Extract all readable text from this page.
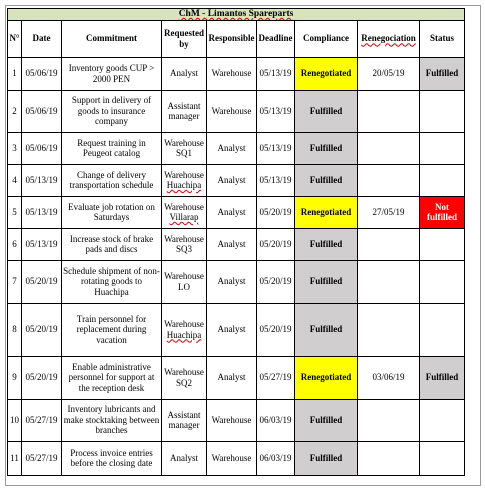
ChM - Limantos Spareparts								
N°	Date	Commitment	Requested by	Responsible	Deadline	Compliance	Renegociation	Status
1	05/06/19	Inventory goods CUP > 2000 PEN	Analyst	Warehouse	05/13/19	Renegotiated	20/05/19	Fulfilled
2	05/06/19	Support in delivery of goods to insurance company	Assistant manager	Warehouse	05/13/19	Fulfilled		
3	05/06/19	Request training in Peugeot catalog	Warehouse SQ1	Analyst	05/13/19	Fulfilled		
4	05/13/19	Change of delivery transportation schedule	Warehouse Huachipa	Analyst	05/13/19	Fulfilled		
5	05/13/19	Evaluate job rotation on Saturdays	Warehouse Villarap	Analyst	05/20/19	Renegotiated	27/05/19	Not fulfilled
6	05/13/19	Increase stock of brake pads and discs	Warehouse SQ3	Analyst	05/20/19	Fulfilled		
7	05/20/19	Schedule shipment of non-rotating goods to Huachipa	Warehouse LO	Analyst	05/20/19	Fulfilled		
8	05/20/19	Train personnel for replacement during vacation	Warehouse Huachipa	Analyst	05/20/19	Fulfilled		
9	05/20/19	Enable administrative personnel for support at the reception desk	Warehouse SQ2	Analyst	05/27/19	Renegotiated	03/06/19	Fulfilled
10	05/27/19	Inventory lubricants and make stocktaking between branches	Assistant manager	Warehouse	06/03/19	Fulfilled		
11	05/27/19	Process invoice entries before the closing date	Analyst	Warehouse	06/03/19	Fulfilled		
